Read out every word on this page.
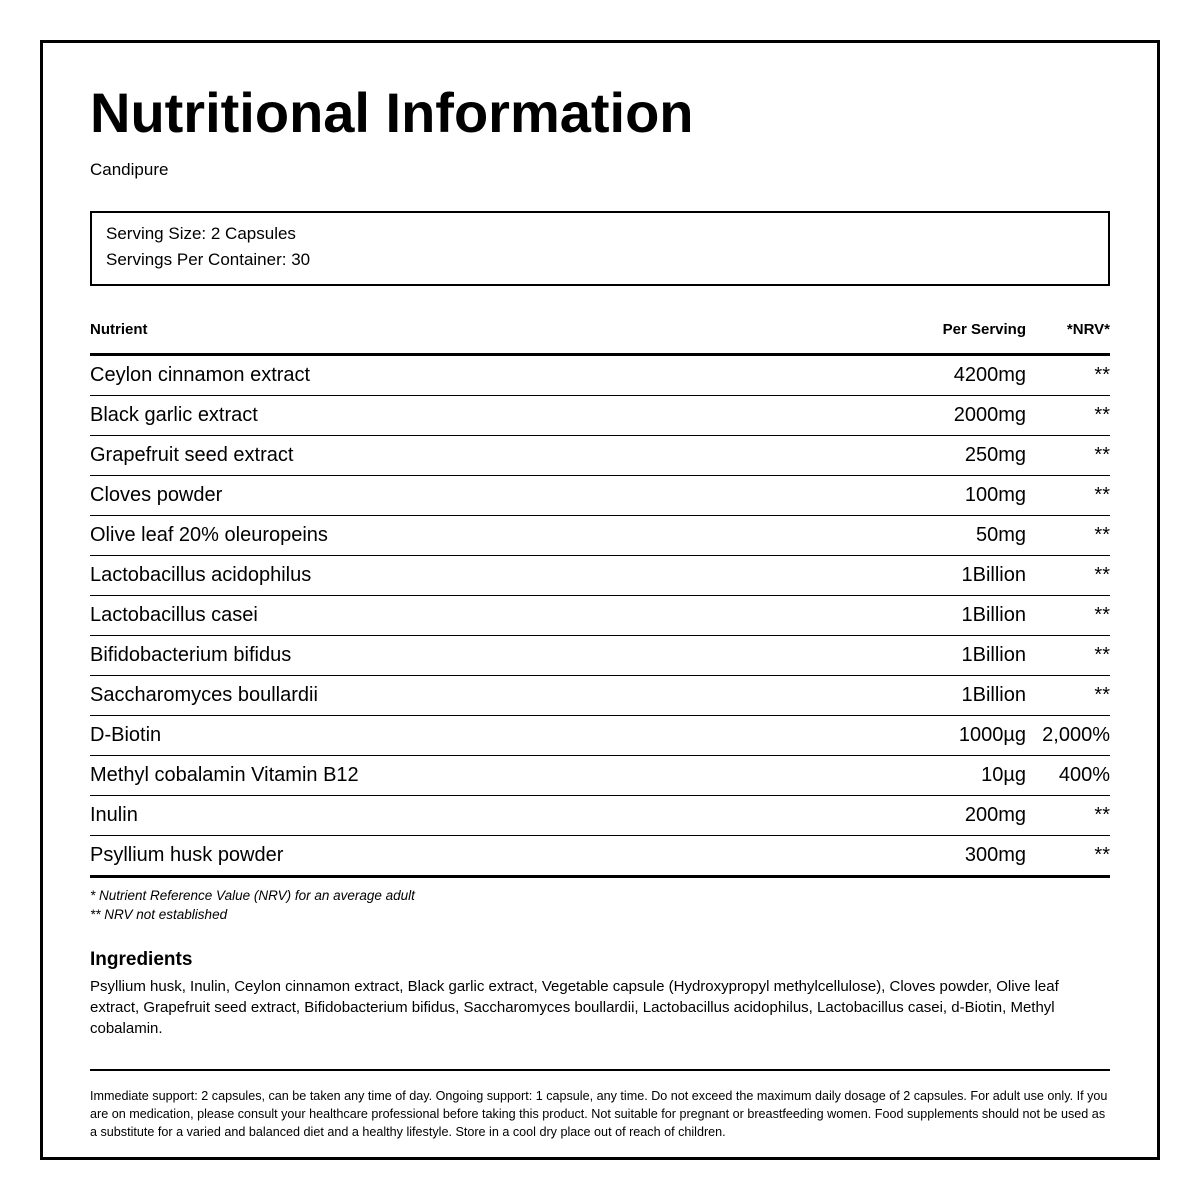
Nutritional Information
Candipure
Serving Size: 2 Capsules
Servings Per Container: 30
Nutrient	Per Serving	*NRV*
Ceylon cinnamon extract	4200mg	**
Black garlic extract	2000mg	**
Grapefruit seed extract	250mg	**
Cloves powder	100mg	**
Olive leaf 20% oleuropeins	50mg	**
Lactobacillus acidophilus	1Billion	**
Lactobacillus casei	1Billion	**
Bifidobacterium bifidus	1Billion	**
Saccharomyces boullardii	1Billion	**
D-Biotin	1000µg	2,000%
Methyl cobalamin Vitamin B12	10µg	400%
Inulin	200mg	**
Psyllium husk powder	300mg	**
* Nutrient Reference Value (NRV) for an average adult
** NRV not established
Ingredients
Psyllium husk, Inulin, Ceylon cinnamon extract, Black garlic extract, Vegetable capsule (Hydroxypropyl methylcellulose), Cloves powder, Olive leaf extract, Grapefruit seed extract, Bifidobacterium bifidus, Saccharomyces boullardii, Lactobacillus acidophilus, Lactobacillus casei, d-Biotin, Methyl cobalamin.
Immediate support: 2 capsules, can be taken any time of day. Ongoing support: 1 capsule, any time. Do not exceed the maximum daily dosage of 2 capsules. For adult use only. If you are on medication, please consult your healthcare professional before taking this product. Not suitable for pregnant or breastfeeding women. Food supplements should not be used as a substitute for a varied and balanced diet and a healthy lifestyle. Store in a cool dry place out of reach of children.
